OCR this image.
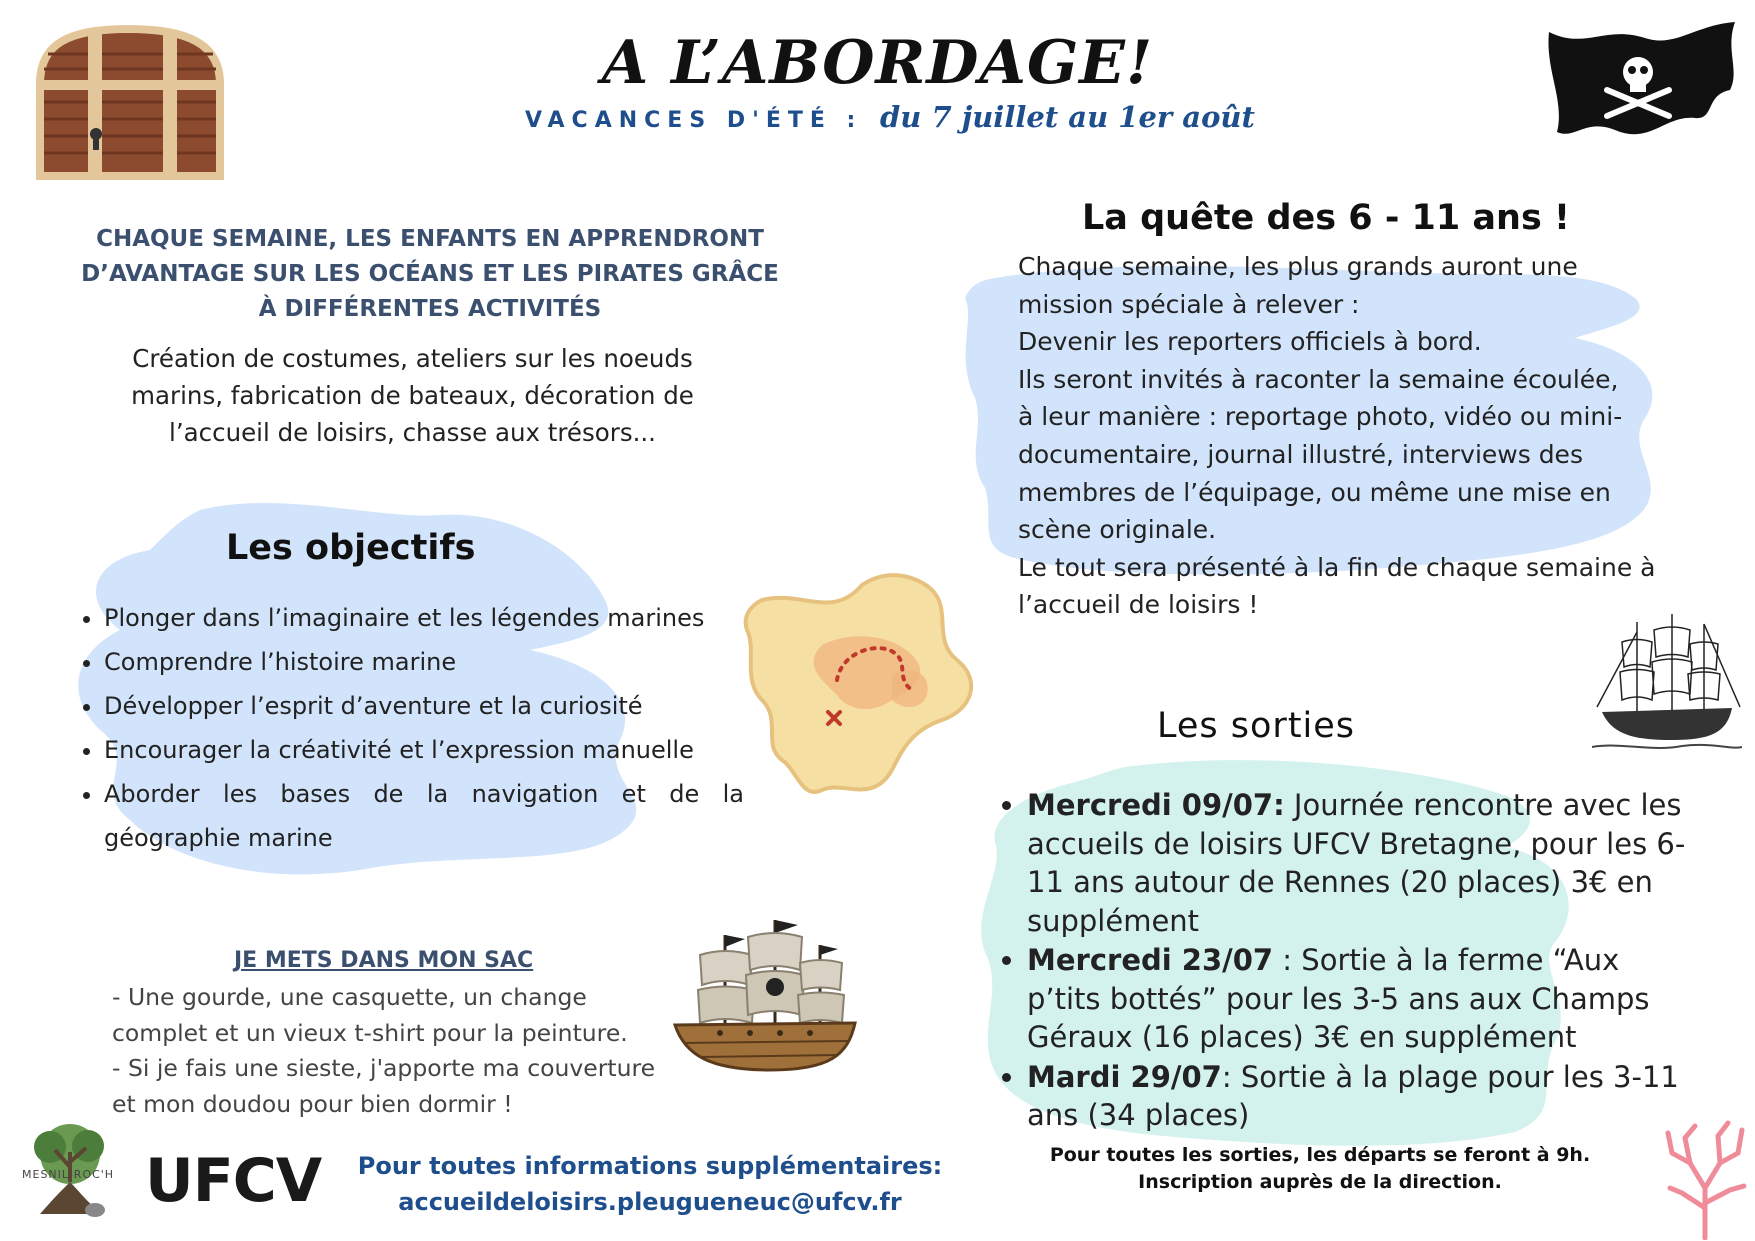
A L’ABORDAGE!
VACANCES D'ÉTÉ : du 7 juillet au 1er août
CHAQUE SEMAINE, LES ENFANTS EN APPRENDRONT D’AVANTAGE SUR LES OCÉANS ET LES PIRATES GRÂCE À DIFFÉRENTES ACTIVITÉS
Création de costumes, ateliers sur les noeuds marins, fabrication de bateaux, décoration de l’accueil de loisirs, chasse aux trésors...
Les objectifs
• Plonger dans l’imaginaire et les légendes marines
• Comprendre l’histoire marine
• Développer l’esprit d’aventure et la curiosité
• Encourager la créativité et l’expression manuelle
• Aborder les bases de la navigation et de la géographie marine
La quête des 6 - 11 ans !
Chaque semaine, les plus grands auront une
mission spéciale à relever :
Devenir les reporters officiels à bord.
Ils seront invités à raconter la semaine écoulée,
à leur manière : reportage photo, vidéo ou mini-
documentaire, journal illustré, interviews des
membres de l’équipage, ou même une mise en
scène originale.
Le tout sera présenté à la fin de chaque semaine à
l’accueil de loisirs !
Les sorties
• Mercredi 09/07: Journée rencontre avec les accueils de loisirs UFCV Bretagne, pour les 6-11 ans autour de Rennes (20 places) 3€ en supplément
• Mercredi 23/07 : Sortie à la ferme “Aux p’tits bottés” pour les 3-5 ans aux Champs Géraux (16 places) 3€ en supplément
• Mardi 29/07: Sortie à la plage pour les 3-11 ans (34 places)
Pour toutes les sorties, les départs se feront à 9h. Inscription auprès de la direction.
JE METS DANS MON SAC
- Une gourde, une casquette, un change complet et un vieux t-shirt pour la peinture.
- Si je fais une sieste, j'apporte ma couverture et mon doudou pour bien dormir !
MESNIL-ROC'H UFCV	Pour toutes informations supplémentaires:
accueildeloisirs.pleugueneuc@ufcv.fr
